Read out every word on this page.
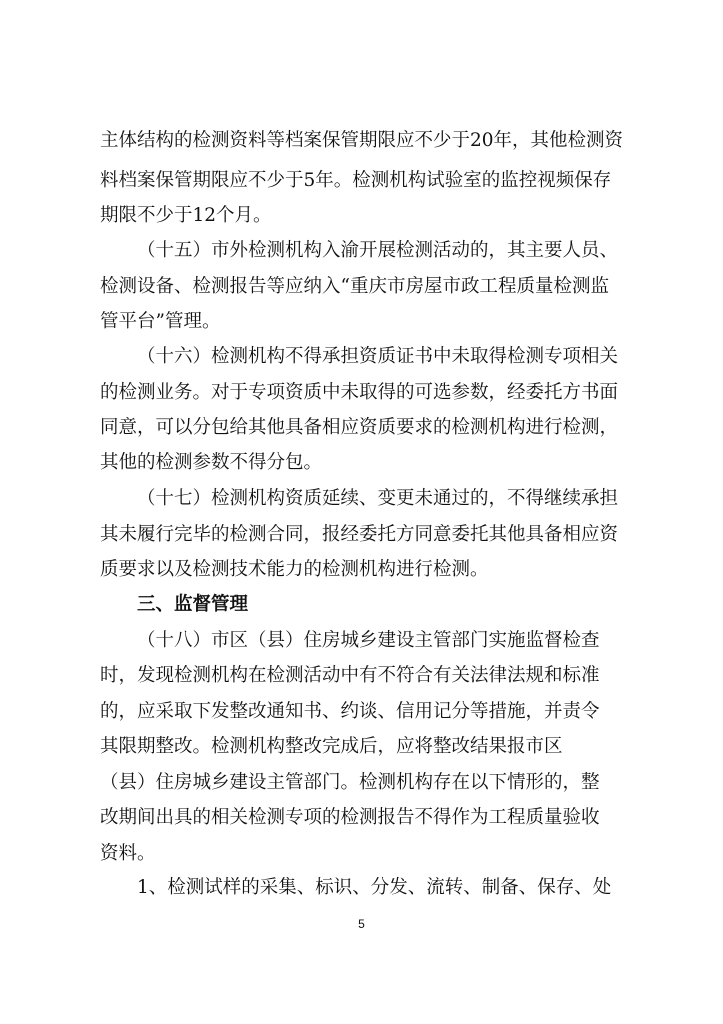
主体结构的检测资料等档案保管期限应不少于20年，其他检测资
料档案保管期限应不少于5年。检测机构试验室的监控视频保存
期限不少于12个月。
（十五）市外检测机构入渝开展检测活动的，其主要人员、
检测设备、检测报告等应纳入“重庆市房屋市政工程质量检测监
管平台”管理。
（十六）检测机构不得承担资质证书中未取得检测专项相关
的检测业务。对于专项资质中未取得的可选参数，经委托方书面
同意，可以分包给其他具备相应资质要求的检测机构进行检测，
其他的检测参数不得分包。
（十七）检测机构资质延续、变更未通过的，不得继续承担
其未履行完毕的检测合同，报经委托方同意委托其他具备相应资
质要求以及检测技术能力的检测机构进行检测。
三、监督管理
（十八）市区（县）住房城乡建设主管部门实施监督检查
时，发现检测机构在检测活动中有不符合有关法律法规和标准
的，应采取下发整改通知书、约谈、信用记分等措施，并责令
其限期整改。检测机构整改完成后，应将整改结果报市区
（县）住房城乡建设主管部门。检测机构存在以下情形的，整
改期间出具的相关检测专项的检测报告不得作为工程质量验收
资料。
1、检测试样的采集、标识、分发、流转、制备、保存、处
5
